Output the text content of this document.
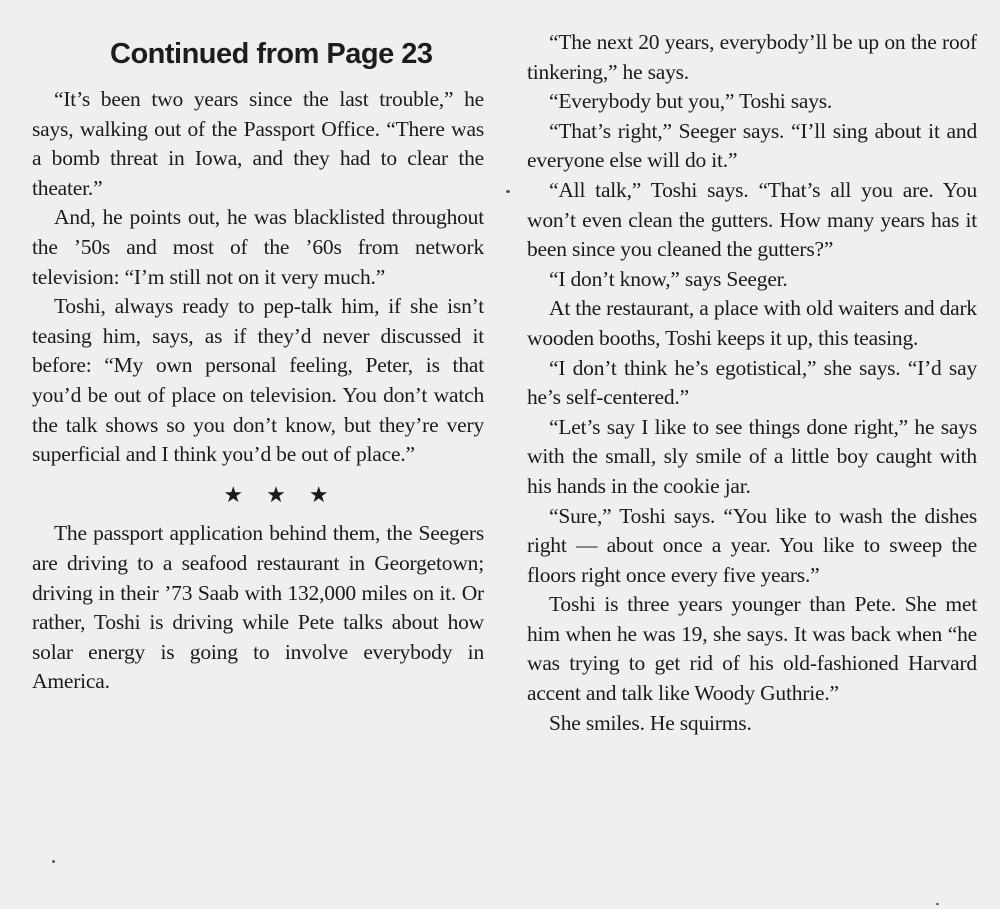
Continued from Page 23

“It’s been two years since the last trouble,” he says, walking out of the Passport Office. “There was a bomb threat in Iowa, and they had to clear the theater.”

And, he points out, he was blacklisted throughout the ’50s and most of the ’60s from network television: “I’m still not on it very much.”

Toshi, always ready to pep-talk him, if she isn’t teasing him, says, as if they’d never discussed it before: “My own personal feeling, Peter, is that you’d be out of place on television. You don’t watch the talk shows so you don’t know, but they’re very superficial and I think you’d be out of place.”

★ ★ ★

The passport application behind them, the Seegers are driving to a seafood restaurant in Georgetown; driving in their ’73 Saab with 132,000 miles on it. Or rather, Toshi is driving while Pete talks about how solar energy is going to involve everybody in America.

“The next 20 years, everybody’ll be up on the roof tinkering,” he says.

“Everybody but you,” Toshi says.

“That’s right,” Seeger says. “I’ll sing about it and everyone else will do it.”

“All talk,” Toshi says. “That’s all you are. You won’t even clean the gutters. How many years has it been since you cleaned the gutters?”

“I don’t know,” says Seeger.

At the restaurant, a place with old waiters and dark wooden booths, Toshi keeps it up, this teasing.

“I don’t think he’s egotistical,” she says. “I’d say he’s self-centered.”

“Let’s say I like to see things done right,” he says with the small, sly smile of a little boy caught with his hands in the cookie jar.

“Sure,” Toshi says. “You like to wash the dishes right — about once a year. You like to sweep the floors right once every five years.”

Toshi is three years younger than Pete. She met him when he was 19, she says. It was back when “he was trying to get rid of his old-fashioned Harvard accent and talk like Woody Guthrie.”

She smiles. He squirms.
